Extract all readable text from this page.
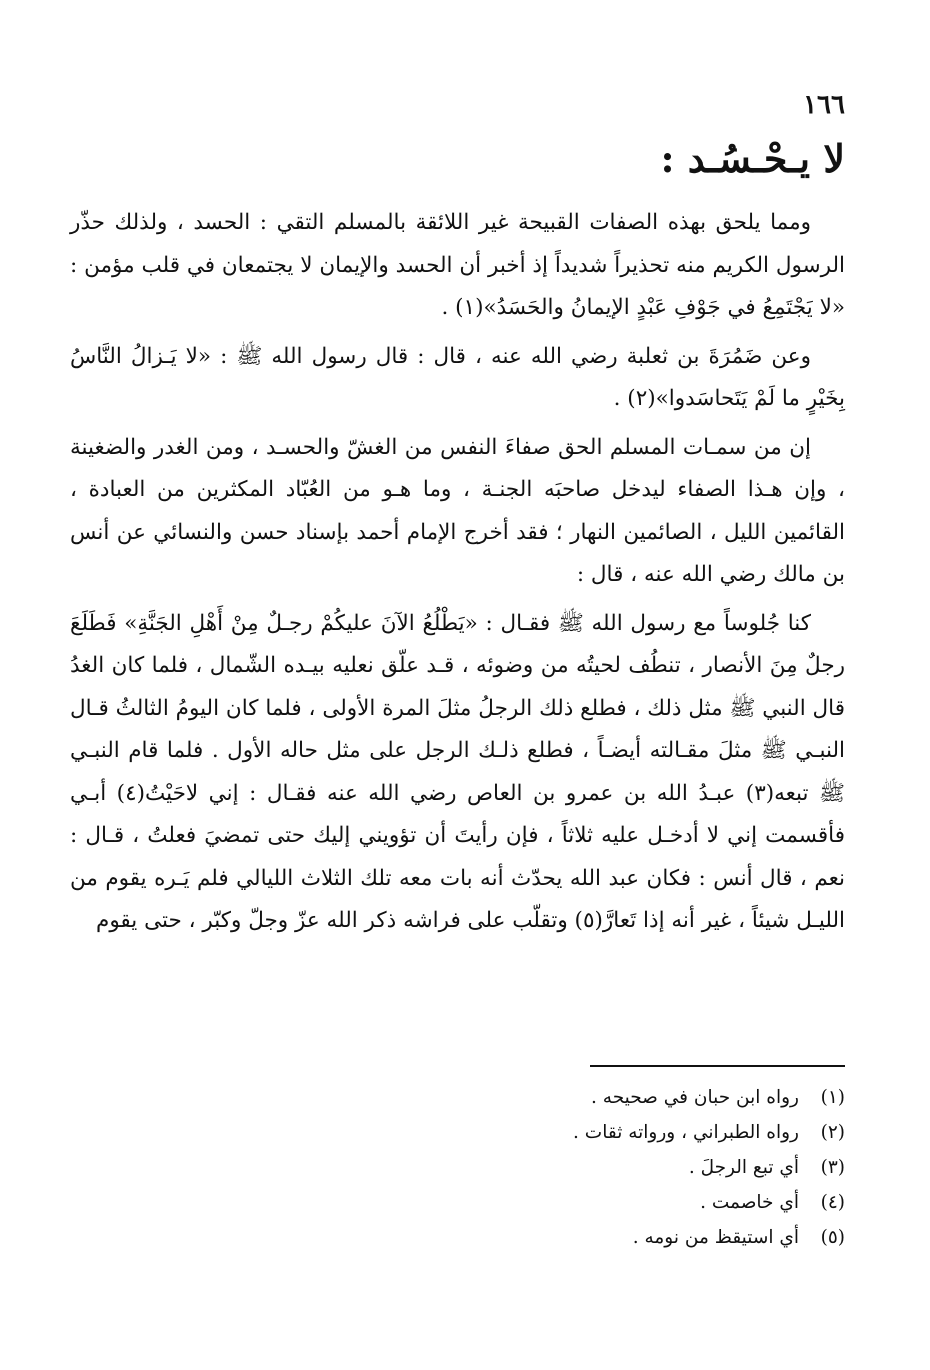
١٦٦
لا يـحْـسُـد :

ومما يلحق بهذه الصفات القبيحة غير اللائقة بالمسلم التقي : الحسد ، ولذلك حذّر الرسول الكريم منه تحذيراً شديداً إذ أخبر أن الحسد والإيمان لا يجتمعان في قلب مؤمن : «لا يَجْتَمِعُ في جَوْفِ عَبْدٍ الإيمانُ والحَسَدُ»(١) .

وعن ضَمُرَةَ بن ثعلبة رضي الله عنه ، قال : قال رسول الله ﷺ : «لا يَـزالُ النَّاسُ بِخَيْرٍ ما لَمْ يَتَحاسَدوا»(٢) .

إن من سمـات المسلم الحق صفاءَ النفس من الغشّ والحسـد ، ومن الغدر والضغينة ، وإن هـذا الصفاء ليدخل صاحبَه الجنـة ، وما هـو من العُبّاد المكثرين من العبادة ، القائمين الليل ، الصائمين النهار ؛ فقد أخرج الإمام أحمد بإسناد حسن والنسائي عن أنس بن مالك رضي الله عنه ، قال :

كنا جُلوساً مع رسول الله ﷺ فقـال : «يَطْلُعُ الآنَ عليكُمْ رجـلٌ مِنْ أَهْلِ الجَنَّةِ» فَطَلَعَ رجلٌ مِنَ الأنصار ، تنطُف لحيتُه من وضوئه ، قـد علّق نعليه بيـده الشّمال ، فلما كان الغدُ قال النبي ﷺ مثل ذلك ، فطلع ذلك الرجلُ مثلَ المرة الأولى ، فلما كان اليومُ الثالثُ قـال النبـي ﷺ مثلَ مقـالته أيضـاً ، فطلع ذلـك الرجل على مثل حاله الأول . فلما قام النبـي ﷺ تبعه(٣) عبـدُ الله بن عمرو بن العاص رضي الله عنه فقـال : إني لاحَيْتُ(٤) أبـي فأقسمت إني لا أدخـل عليه ثلاثاً ، فإن رأيتَ أن تؤويني إليك حتى تمضيَ فعلتُ ، قـال : نعم ، قال أنس : فكان عبد الله يحدّث أنه بات معه تلك الثلاث الليالي فلم يَـره يقوم من الليـل شيئاً ، غير أنه إذا تَعارَّ(٥) وتقلّب على فراشه ذكر الله عزّ وجلّ وكبّر ، حتى يقوم

(١)رواه ابن حبان في صحيحه .
(٢)رواه الطبراني ، ورواته ثقات .
(٣)أي تبع الرجلَ .
(٤)أي خاصمت .
(٥)أي استيقظ من نومه .
